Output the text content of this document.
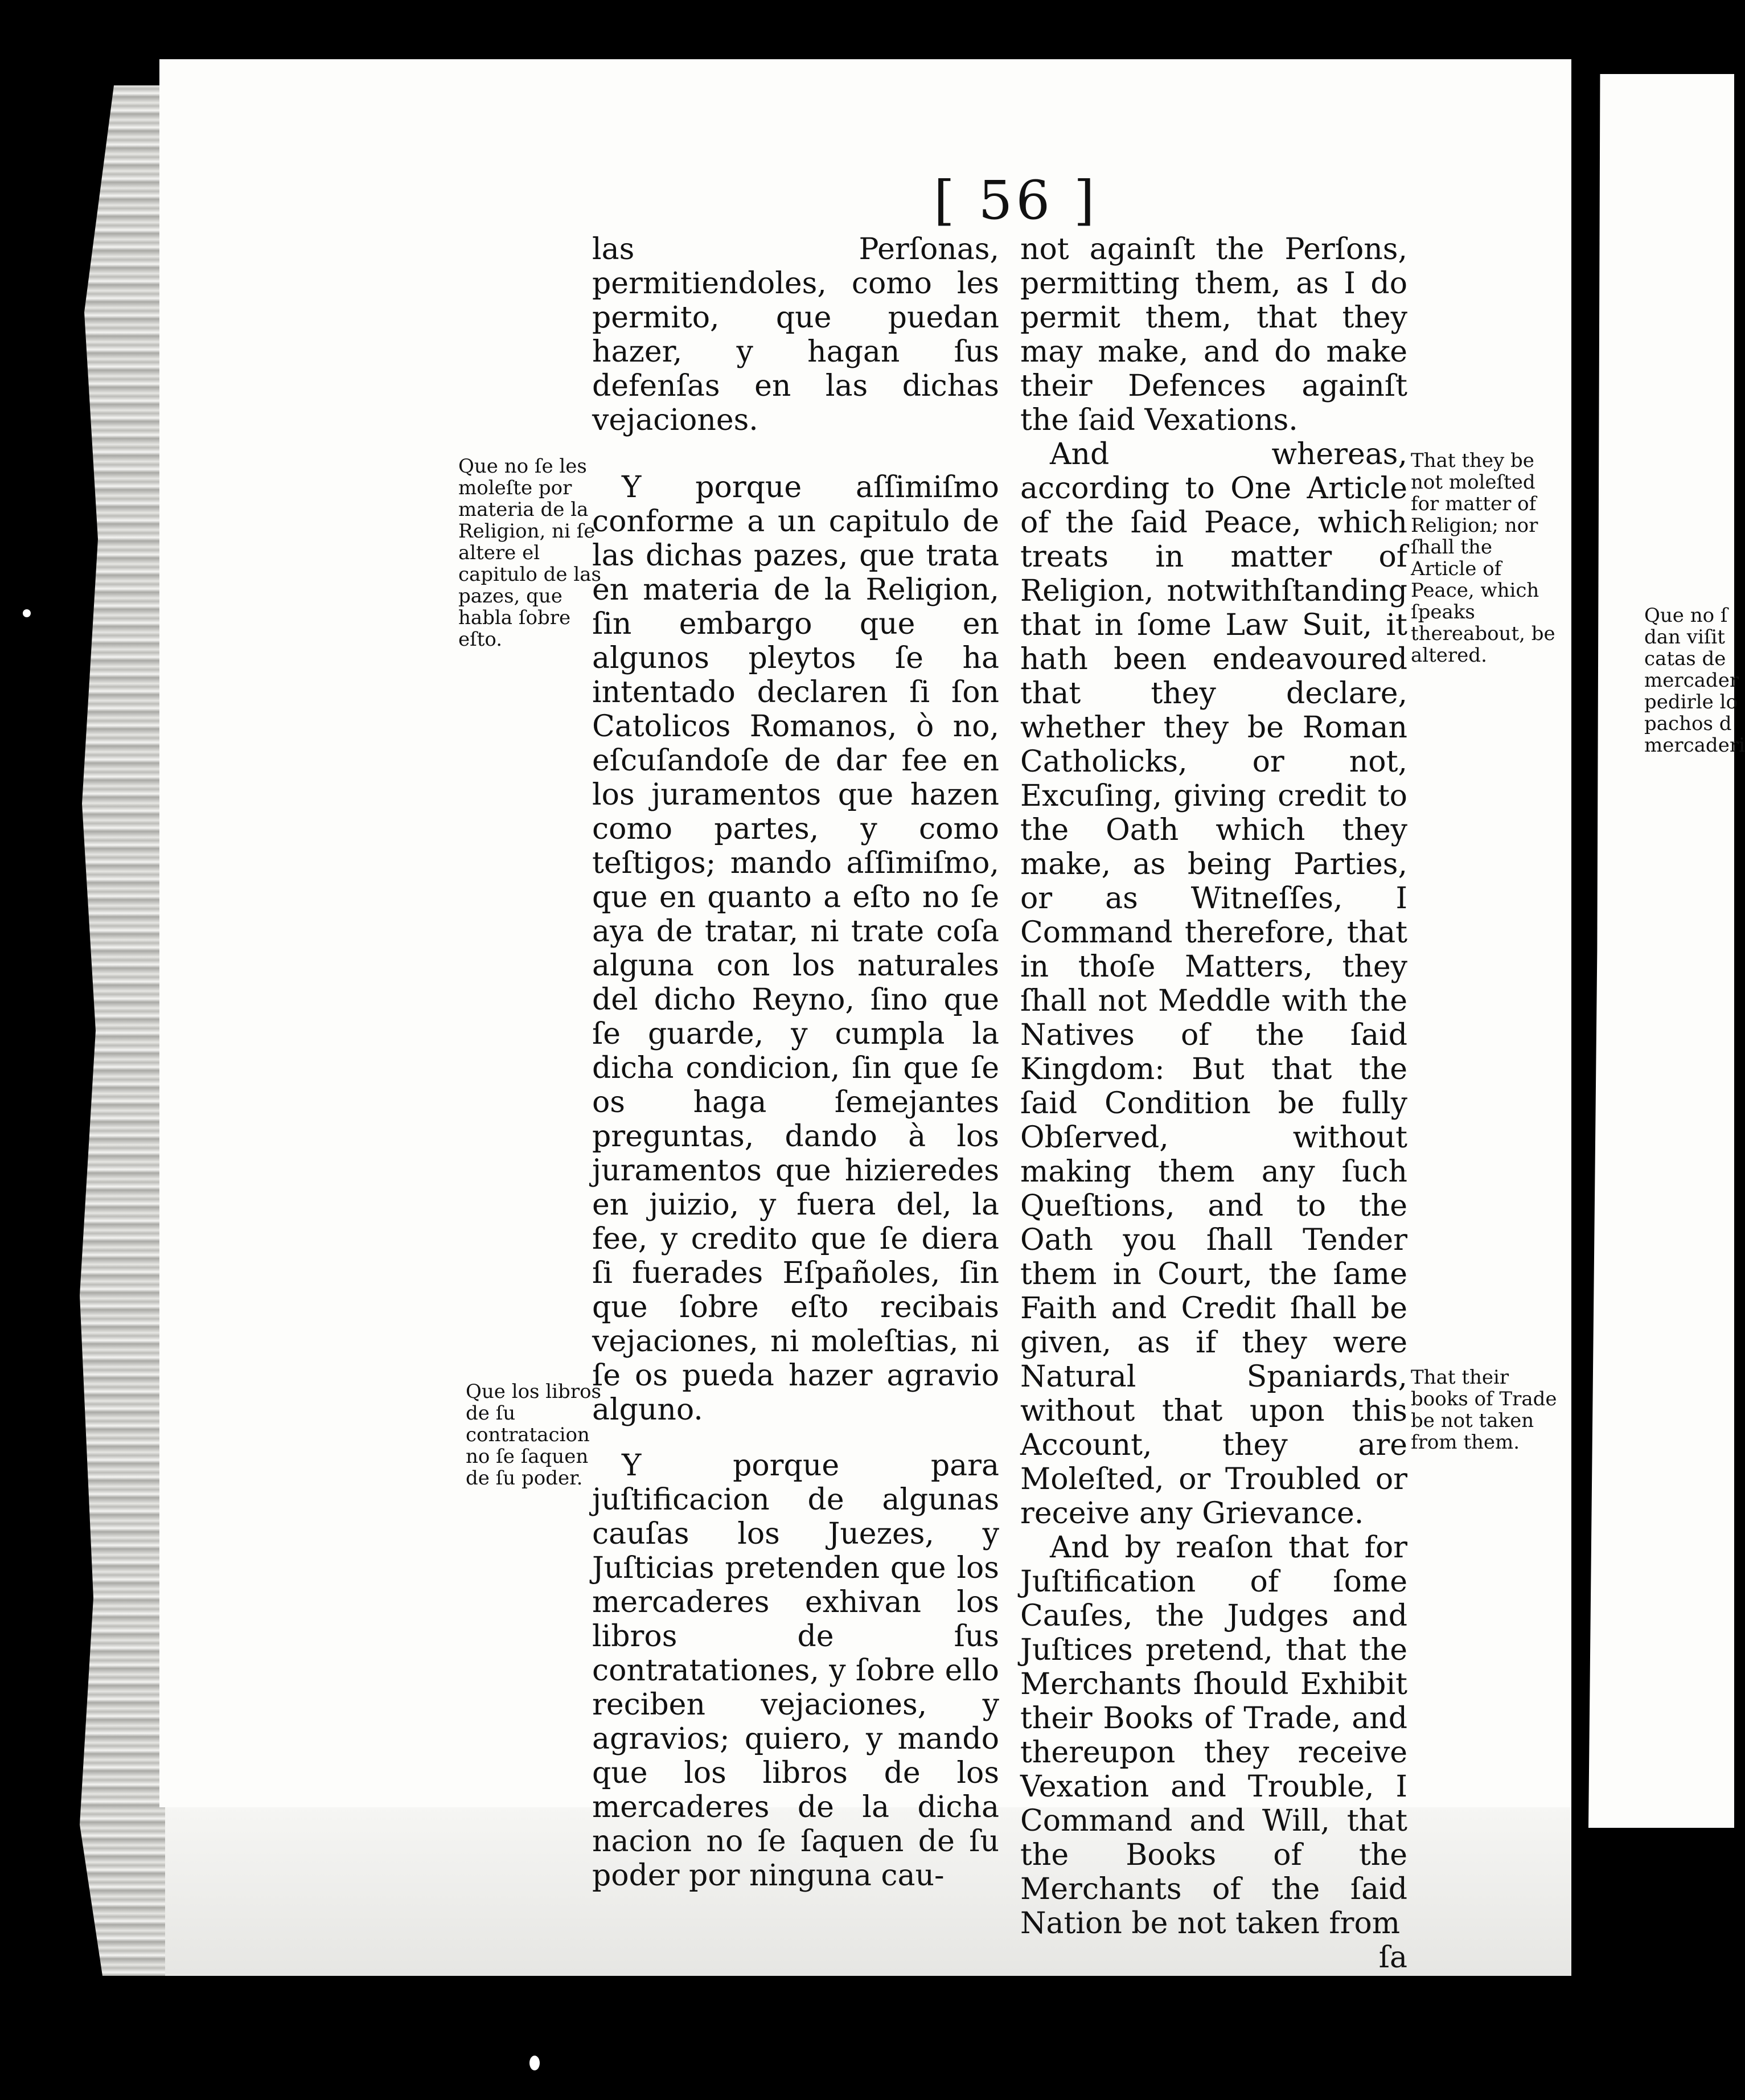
[ 56 ]
Que no ſe les moleſte por materia de la Religion, ni ſe altere el capitulo de las pazes, que habla ſobre eſto.
Que los libros de ſu contratacion no ſe ſaquen de ſu poder.

las Perſonas, permitiendoles, como les permito, que puedan hazer, y hagan ſus defenſas en las dichas vejaciones.

Y porque aſſimiſmo conforme a un capitulo de las dichas pazes, que trata en materia de la Religion, ſin embargo que en algunos pleytos ſe ha intentado declaren ſi ſon Catolicos Romanos, ò no, eſcuſandoſe de dar fee en los juramentos que hazen como partes, y como teſtigos; mando aſſimiſmo, que en quanto a eſto no ſe aya de tratar, ni trate coſa alguna con los naturales del dicho Reyno, ſino que ſe guarde, y cumpla la dicha condicion, ſin que ſe os haga ſemejantes preguntas, dando à los juramentos que hizieredes en juizio, y fuera del, la fee, y credito que ſe diera ſi fuerades Eſpañoles, ſin que ſobre eſto recibais vejaciones, ni moleſtias, ni ſe os pueda hazer agravio alguno.

Y porque para juſtificacion de algunas cauſas los Juezes, y Juſticias pretenden que los mercaderes exhivan los libros de ſus contratationes, y ſobre ello reciben vejaciones, y agravios; quiero, y mando que los libros de los mercaderes de la dicha nacion no ſe ſaquen de ſu poder por ninguna cau-

not againſt the Perſons, permitting them, as I do permit them, that they may make, and do make their Defences againſt the ſaid Vexations.

And whereas, according to One Article of the ſaid Peace, which treats in matter of Religion, notwithſtanding that in ſome Law Suit, it hath been endeavoured that they declare, whether they be Roman Catholicks, or not, Excuſing, giving credit to the Oath which they make, as being Parties, or as Witneſſes, I Command therefore, that in thoſe Matters, they ſhall not Meddle with the Natives of the ſaid Kingdom: But that the ſaid Condition be fully Obſerved, without making them any ſuch Queſtions, and to the Oath you ſhall Tender them in Court, the ſame Faith and Credit ſhall be given, as if they were Natural Spaniards, without that upon this Account, they are Moleſted, or Troubled or receive any Grievance.

And by reaſon that for Juſtification of ſome Cauſes, the Judges and Juſtices pretend, that the Merchants ſhould Exhibit their Books of Trade, and thereupon they receive Vexation and Trouble, I Command and Will, that the Books of the Merchants of the ſaid Nation be not taken from

ſa

That they be not moleſted for matter of Religion; nor ſhall the Article of Peace, which ſpeaks thereabout, be altered.
That their books of Trade be not taken from them.
Que no ſ
dan viſit
catas de
mercader
pedirle lo
pachos d
mercaderi
